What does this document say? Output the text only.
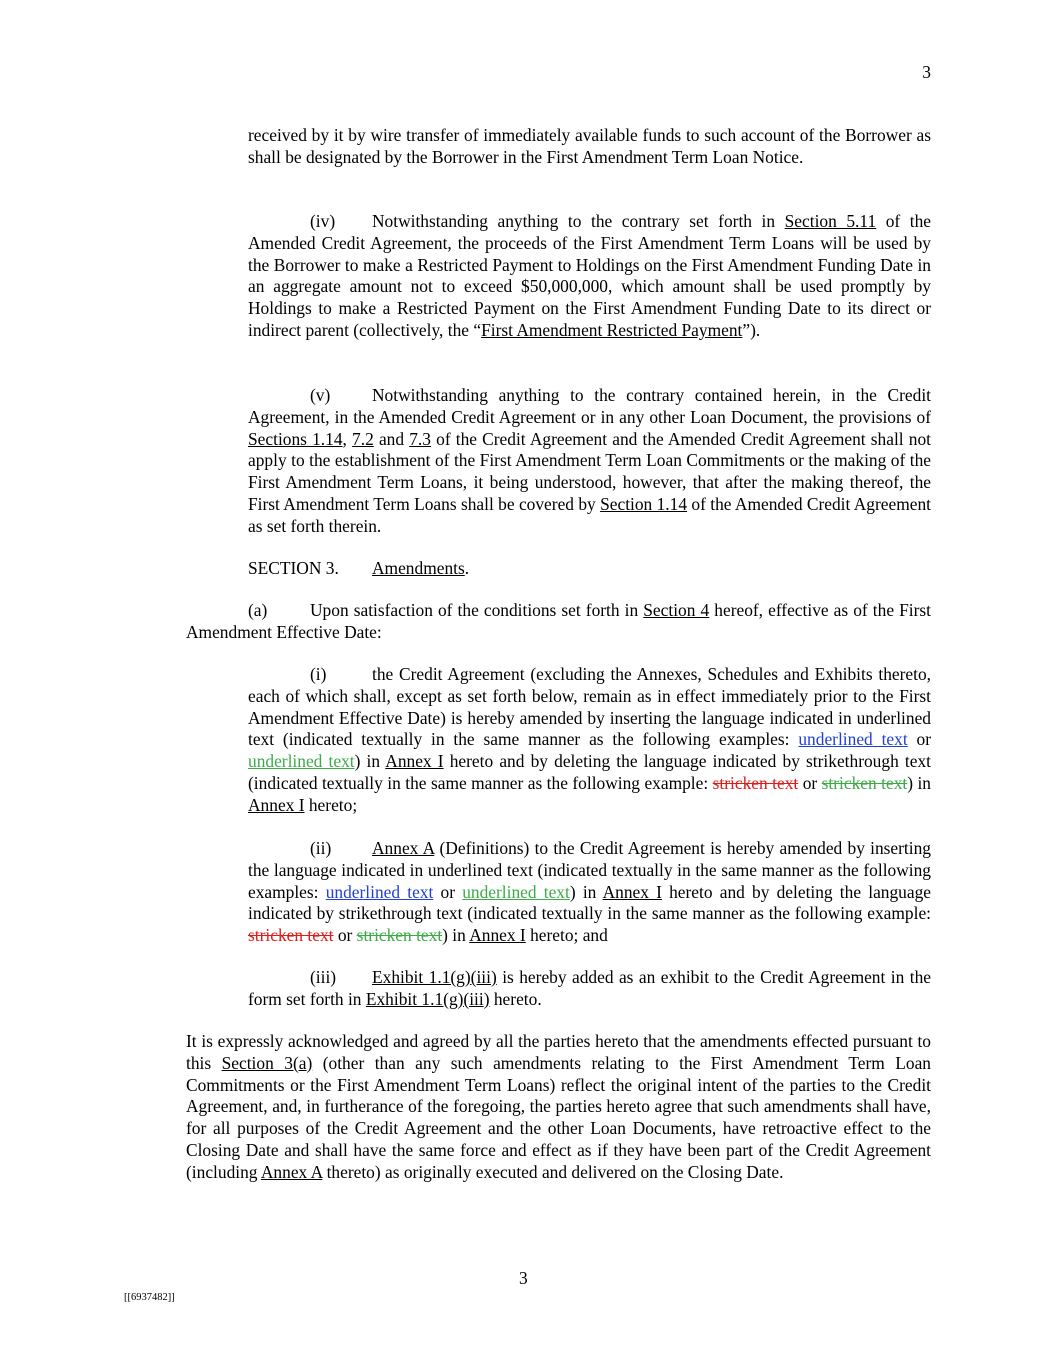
3
received by it by wire transfer of immediately available funds to such account of the Borrower as shall be designated by the Borrower in the First Amendment Term Loan Notice.
(iv) Notwithstanding anything to the contrary set forth in Section 5.11 of the Amended Credit Agreement, the proceeds of the First Amendment Term Loans will be used by the Borrower to make a Restricted Payment to Holdings on the First Amendment Funding Date in an aggregate amount not to exceed $50,000,000, which amount shall be used promptly by Holdings to make a Restricted Payment on the First Amendment Funding Date to its direct or indirect parent (collectively, the “First Amendment Restricted Payment”).
(v) Notwithstanding anything to the contrary contained herein, in the Credit Agreement, in the Amended Credit Agreement or in any other Loan Document, the provisions of Sections 1.14, 7.2 and 7.3 of the Credit Agreement and the Amended Credit Agreement shall not apply to the establishment of the First Amendment Term Loan Commitments or the making of the First Amendment Term Loans, it being understood, however, that after the making thereof, the First Amendment Term Loans shall be covered by Section 1.14 of the Amended Credit Agreement as set forth therein.
SECTION 3. Amendments.
(a) Upon satisfaction of the conditions set forth in Section 4 hereof, effective as of the First Amendment Effective Date:
(i)	the Credit Agreement (excluding the Annexes, Schedules and Exhibits thereto, each of which shall, except as set forth below, remain as in effect immediately prior to the First Amendment Effective Date) is hereby amended by inserting the language indicated in underlined text (indicated textually in the same manner as the following examples: underlined text or underlined text) in Annex I hereto and by deleting the language indicated by strikethrough text (indicated textually in the same manner as the following example: stricken text or stricken text) in Annex I hereto;
(ii) Annex A (Definitions) to the Credit Agreement is hereby amended by inserting the language indicated in underlined text (indicated textually in the same manner as the following examples: underlined text or underlined text) in Annex I hereto and by deleting the language indicated by strikethrough text (indicated textually in the same manner as the following example: stricken text or stricken text) in Annex I hereto; and
(iii) Exhibit 1.1(g)(iii) is hereby added as an exhibit to the Credit Agreement in the form set forth in Exhibit 1.1(g)(iii) hereto.
It is expressly acknowledged and agreed by all the parties hereto that the amendments effected pursuant to this Section 3(a) (other than any such amendments relating to the First Amendment Term Loan Commitments or the First Amendment Term Loans) reflect the original intent of the parties to the Credit Agreement, and, in furtherance of the foregoing, the parties hereto agree that such amendments shall have, for all purposes of the Credit Agreement and the other Loan Documents, have retroactive effect to the Closing Date and shall have the same force and effect as if they have been part of the Credit Agreement (including Annex A thereto) as originally executed and delivered on the Closing Date.
3
[[6937482]]
